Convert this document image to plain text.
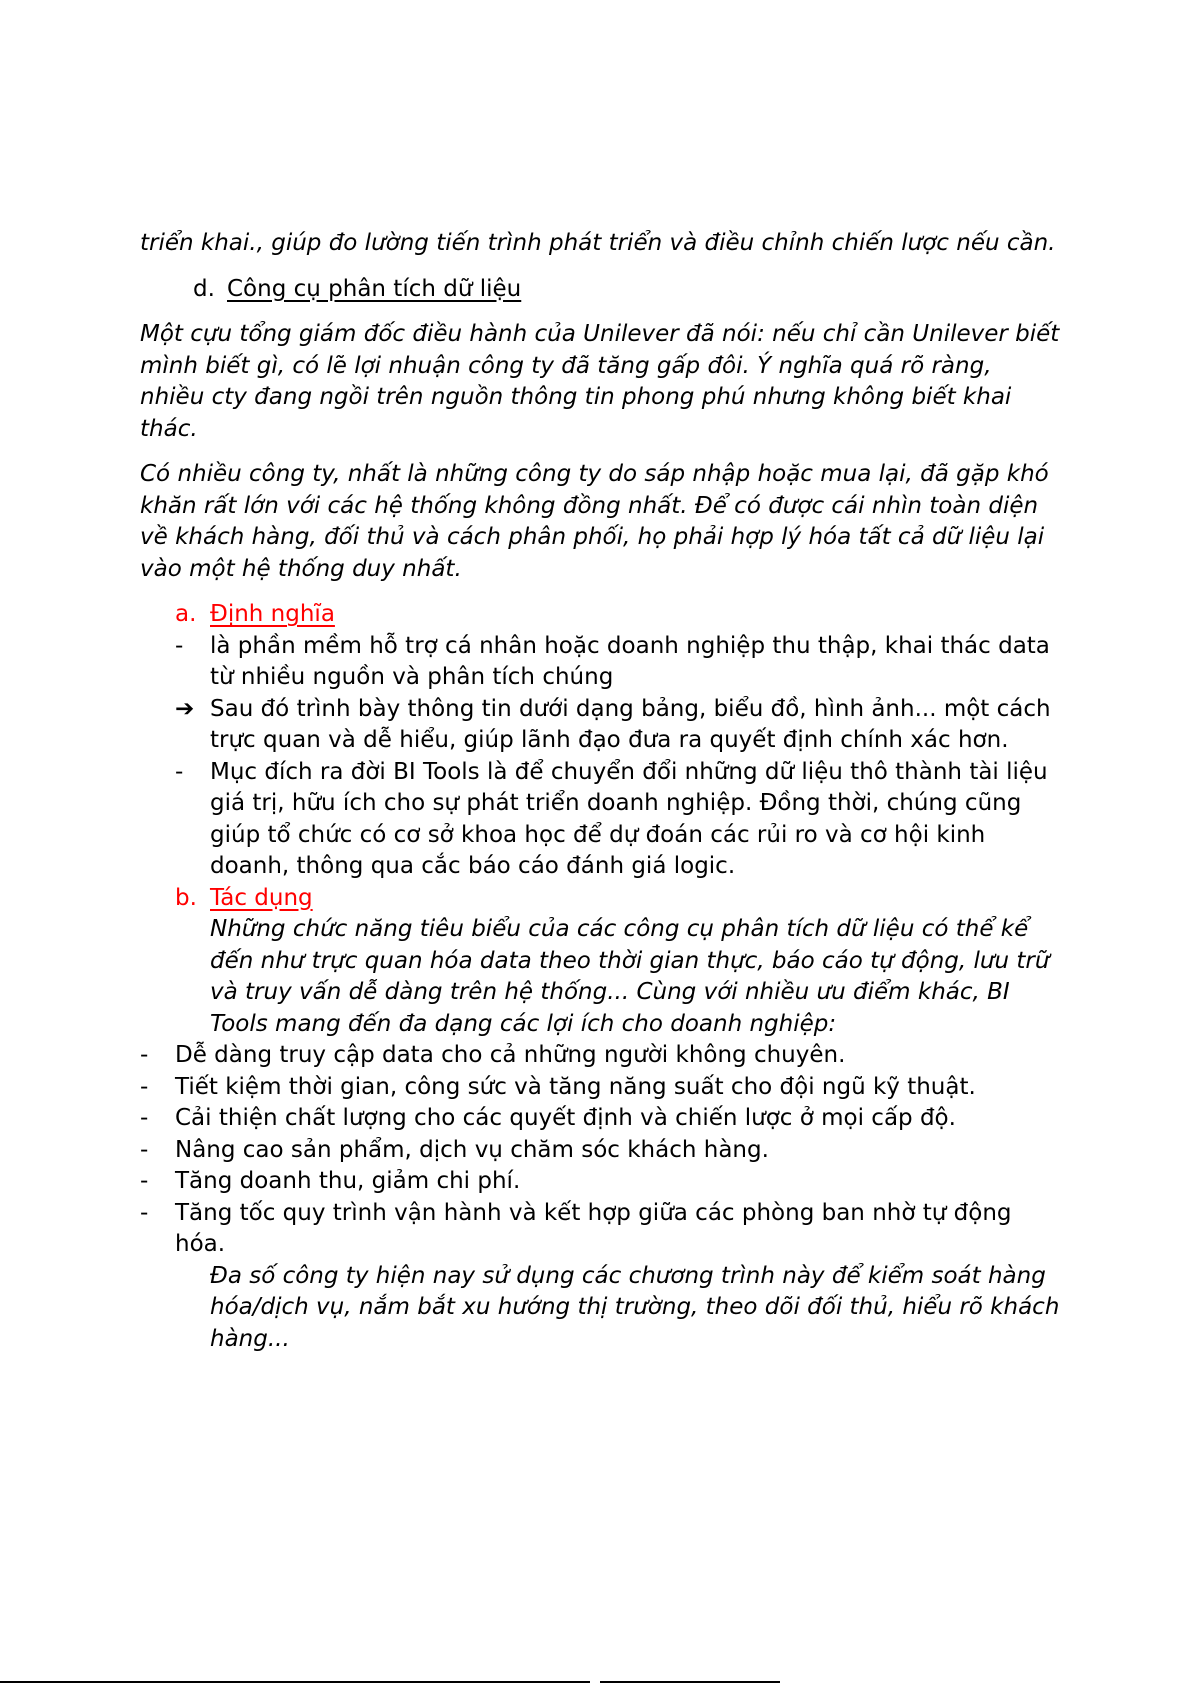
triển khai., giúp đo lường tiến trình phát triển và điều chỉnh chiến lược nếu cần.

d. Công cụ phân tích dữ liệu

Một cựu tổng giám đốc điều hành của Unilever đã nói: nếu chỉ cần Unilever biết mình biết gì, có lẽ lợi nhuận công ty đã tăng gấp đôi. Ý nghĩa quá rõ ràng, nhiều cty đang ngồi trên nguồn thông tin phong phú nhưng không biết khai thác.

Có nhiều công ty, nhất là những công ty do sáp nhập hoặc mua lại, đã gặp khó khăn rất lớn với các hệ thống không đồng nhất. Để có được cái nhìn toàn diện về khách hàng, đối thủ và cách phân phối, họ phải hợp lý hóa tất cả dữ liệu lại vào một hệ thống duy nhất.

a. Định nghĩa
- là phần mềm hỗ trợ cá nhân hoặc doanh nghiệp thu thập, khai thác data từ nhiều nguồn và phân tích chúng
➔ Sau đó trình bày thông tin dưới dạng bảng, biểu đồ, hình ảnh... một cách trực quan và dễ hiểu, giúp lãnh đạo đưa ra quyết định chính xác hơn.
- Mục đích ra đời BI Tools là để chuyển đổi những dữ liệu thô thành tài liệu giá trị, hữu ích cho sự phát triển doanh nghiệp. Đồng thời, chúng cũng giúp tổ chức có cơ sở khoa học để dự đoán các rủi ro và cơ hội kinh doanh, thông qua cắc báo cáo đánh giá logic.
b. Tác dụng

Những chức năng tiêu biểu của các công cụ phân tích dữ liệu có thể kể đến như trực quan hóa data theo thời gian thực, báo cáo tự động, lưu trữ và truy vấn dễ dàng trên hệ thống... Cùng với nhiều ưu điểm khác, BI Tools mang đến đa dạng các lợi ích cho doanh nghiệp:

- Dễ dàng truy cập data cho cả những người không chuyên.
- Tiết kiệm thời gian, công sức và tăng năng suất cho đội ngũ kỹ thuật.
- Cải thiện chất lượng cho các quyết định và chiến lược ở mọi cấp độ.
- Nâng cao sản phẩm, dịch vụ chăm sóc khách hàng.
- Tăng doanh thu, giảm chi phí.
- Tăng tốc quy trình vận hành và kết hợp giữa các phòng ban nhờ tự động hóa.

Đa số công ty hiện nay sử dụng các chương trình này để kiểm soát hàng hóa/dịch vụ, nắm bắt xu hướng thị trường, theo dõi đối thủ, hiểu rõ khách hàng...
